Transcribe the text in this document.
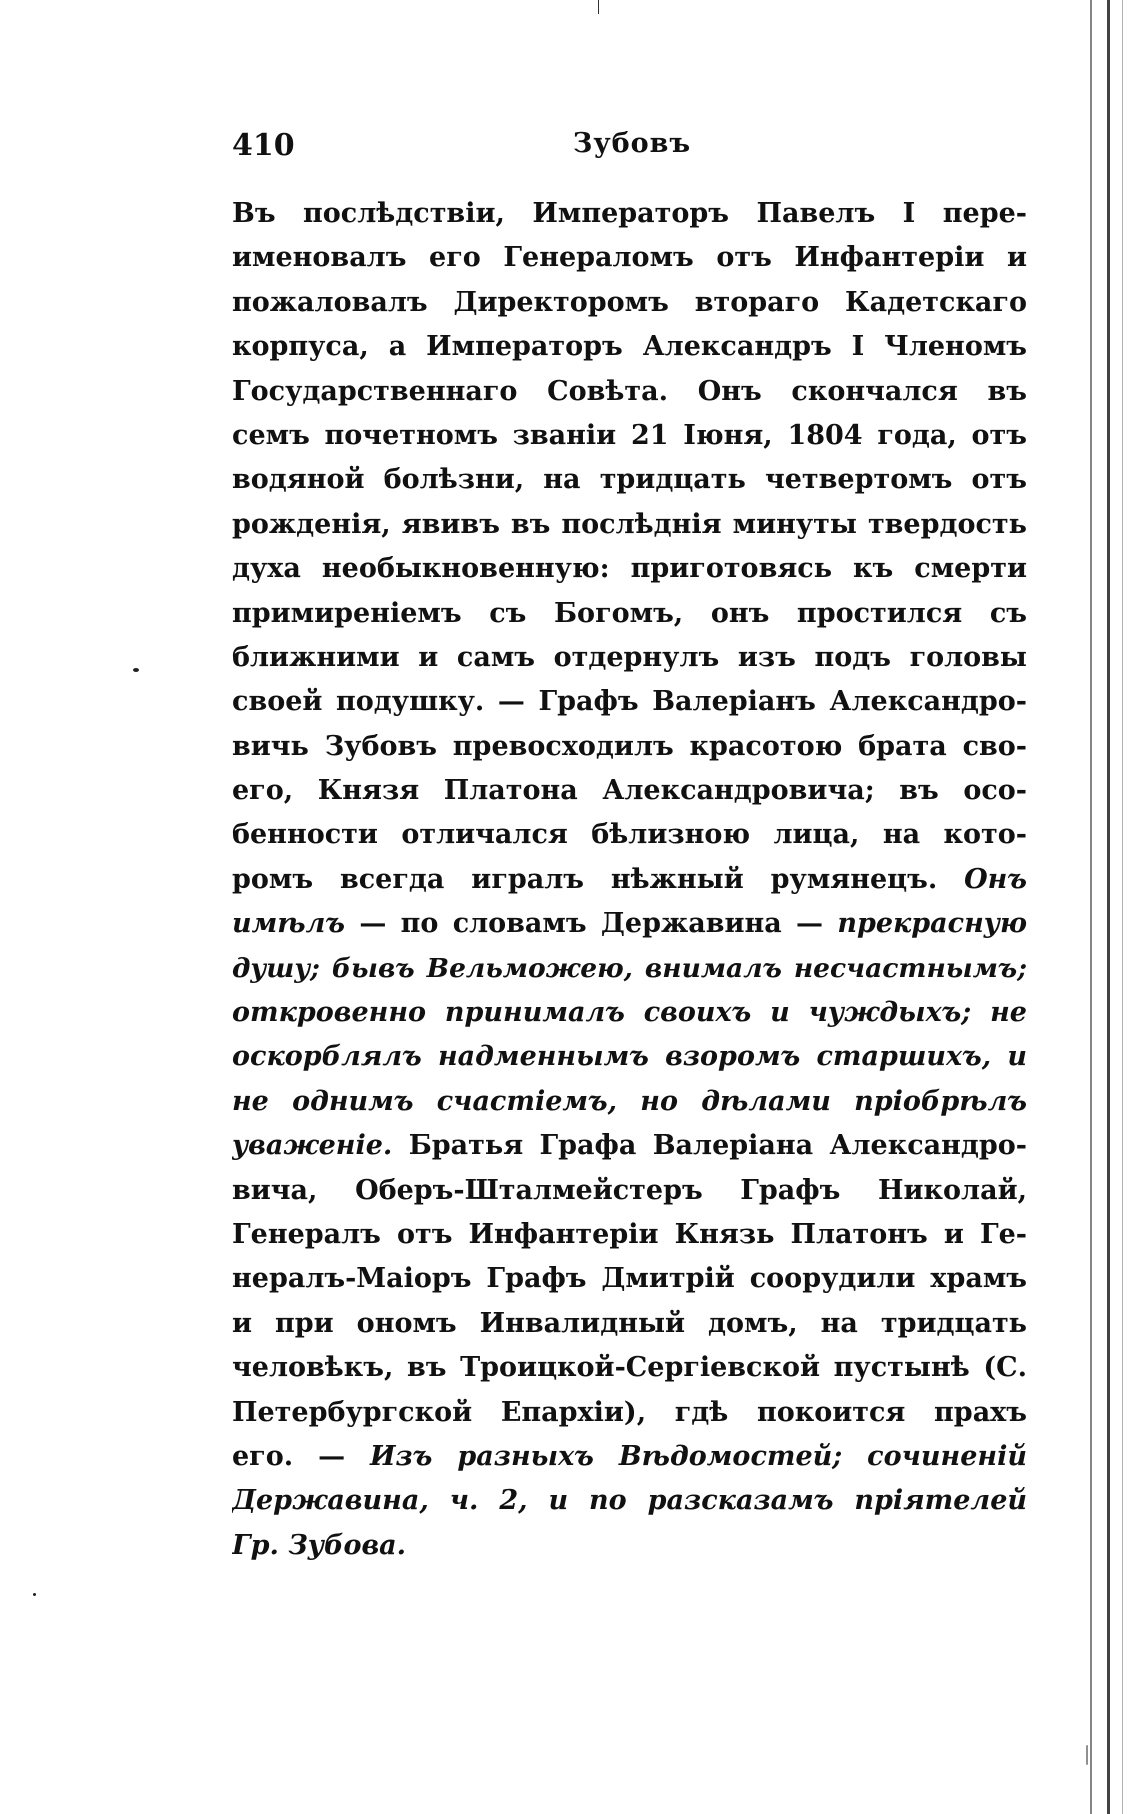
410	Зубовъ
Въ послѣдствіи, Императоръ Павелъ I пере-
именовалъ его Генераломъ отъ Инфантеріи и
пожаловалъ Директоромъ втораго Кадетскаго
корпуса, а Императоръ Александръ I Членомъ
Государственнаго Совѣта. Онъ скончался въ
семъ почетномъ званіи 21 Іюня, 1804 года, отъ
водяной болѣзни, на тридцать четвертомъ отъ
рожденія, явивъ въ послѣднія минуты твердость
духа необыкновенную: приготовясь къ смерти
примиреніемъ съ Богомъ, онъ простился съ
ближними и самъ отдернулъ изъ подъ головы
своей подушку. — Графъ Валеріанъ Александро-
вичь Зубовъ превосходилъ красотою брата сво-
его, Князя Платона Александровича; въ осо-
бенности отличался бѣлизною лица, на кото-
ромъ всегда игралъ нѣжный румянецъ. Онъ
имѣлъ — по словамъ Державина — прекрасную
душу; бывъ Вельможею, внималъ несчастнымъ;
откровенно принималъ своихъ и чуждыхъ; не
оскорблялъ надменнымъ взоромъ старшихъ, и
не однимъ счастіемъ, но дѣлами пріобрѣлъ
уваженіе. Братья Графа Валеріана Александро-
вича, Оберъ-Шталмейстеръ Графъ Николай,
Генералъ отъ Инфантеріи Князь Платонъ и Ге-
нералъ-Маіоръ Графъ Дмитрій соорудили храмъ
и при ономъ Инвалидный домъ, на тридцать
человѣкъ, въ Троицкой-Сергіевской пустынѣ (С.
Петербургской Епархіи), гдѣ покоится прахъ
его. — Изъ разныхъ Вѣдомостей; сочиненій
Державина, ч. 2, и по разсказамъ пріятелей
Гр. Зубова.
